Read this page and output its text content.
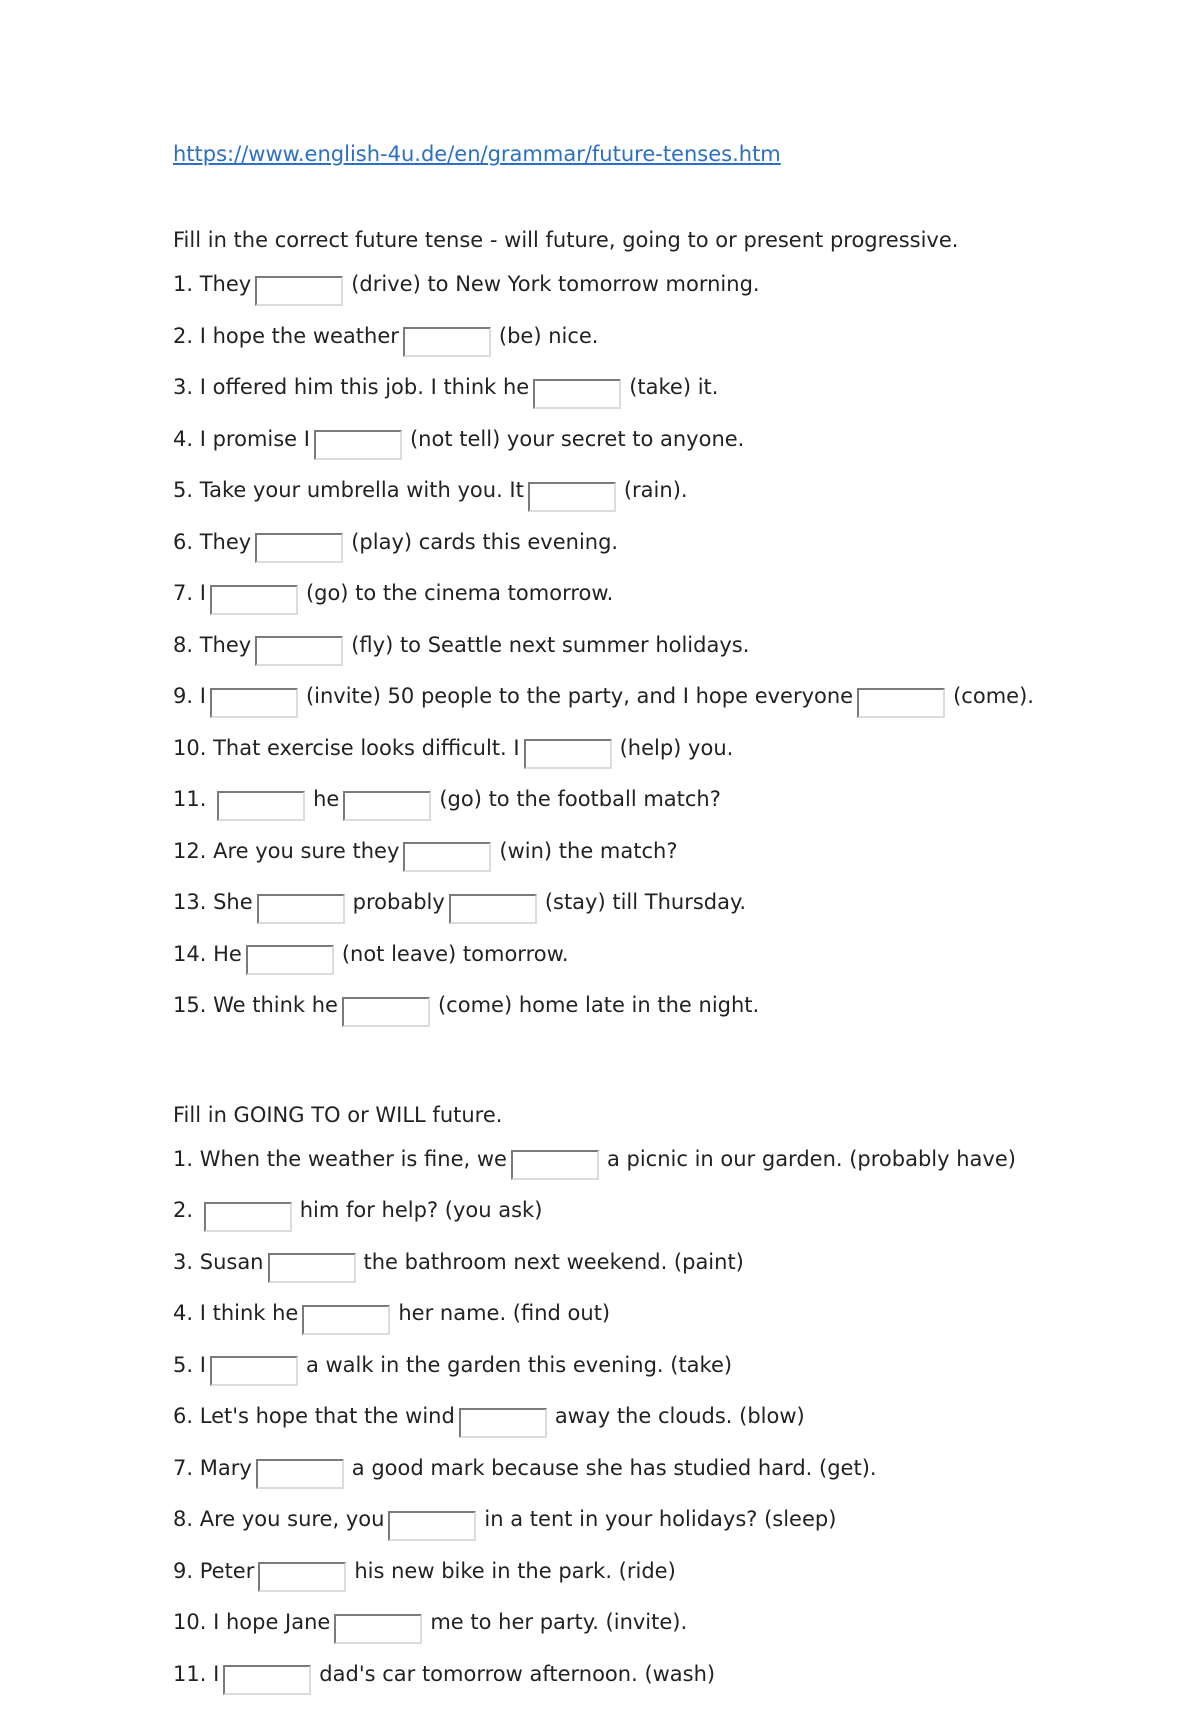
https://www.english-4u.de/en/grammar/future-tenses.htm
Fill in the correct future tense - will future, going to or present progressive.
1. They	(drive) to New York tomorrow morning.
2. I hope the weather	(be) nice.
3. I offered him this job. I think he	(take) it.
4. I promise I	(not tell) your secret to anyone.
5. Take your umbrella with you. It	(rain).
6. They	(play) cards this evening.
7. I	(go) to the cinema tomorrow.
8. They	(fly) to Seattle next summer holidays.
9. I	(invite) 50 people to the party, and I hope everyone	(come).
10. That exercise looks difficult. I	(help) you.
11.	he	(go) to the football match?
12. Are you sure they	(win) the match?
13. She	probably	(stay) till Thursday.
14. He	(not leave) tomorrow.
15. We think he	(come) home late in the night.
Fill in GOING TO or WILL future.
1. When the weather is fine, we	a picnic in our garden. (probably have)
2.	him for help? (you ask)
3. Susan	the bathroom next weekend. (paint)
4. I think he	her name. (find out)
5. I	a walk in the garden this evening. (take)
6. Let's hope that the wind	away the clouds. (blow)
7. Mary	a good mark because she has studied hard. (get).
8. Are you sure, you	in a tent in your holidays? (sleep)
9. Peter	his new bike in the park. (ride)
10. I hope Jane	me to her party. (invite).
11. I	dad's car tomorrow afternoon. (wash)
